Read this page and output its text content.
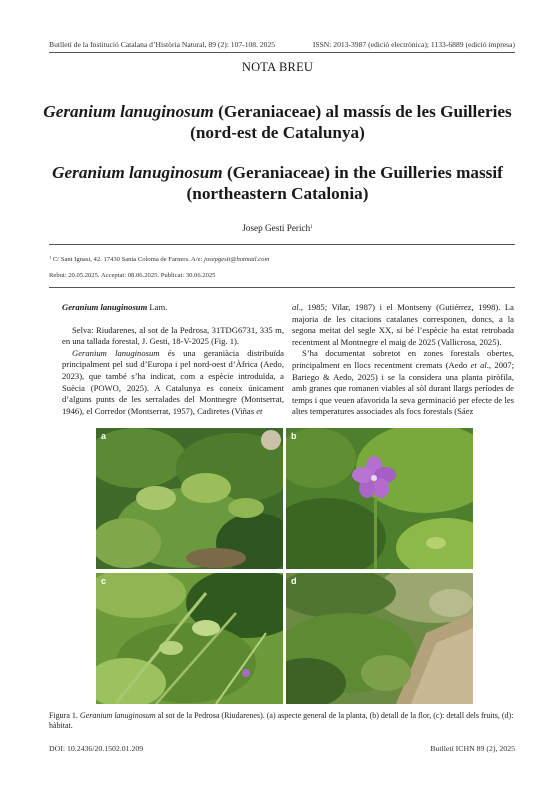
Butlletí de la Institució Catalana d’Història Natural, 89 (2): 107-108. 2025	ISSN: 2013-3987 (edició electrònica); 1133-6889 (edició impresa)
NOTA BREU
Geranium lanuginosum (Geraniaceae) al massís de les Guilleries
(nord-est de Catalunya)
Geranium lanuginosum (Geraniaceae) in the Guilleries massif
(northeastern Catalonia)
Josep Gesti Perich$^1$
$^1$ C/ Sant Ignasi, 42. 17430 Santa Coloma de Farners. A/e: josepgesti@hotmail.com
Rebut: 20.05.2025. Acceptat: 08.06.2025. Publicat: 30.06.2025

Geranium lanuginosum Lam.

Selva: Riudarenes, al sot de la Pedrosa, 31TDG6731, 335 m, en una tallada forestal, J. Gesti, 18-V-2025 (Fig. 1).

Geranium lanuginosum és una geraniàcia distribuïda principalment pel sud d’Europa i pel nord-oest d’Àfrica (Aedo, 2023), que també s’ha indicat, com a espècie introduïda, a Suècia (POWO, 2025). A Catalunya es coneix únicament d’alguns punts de les serralades del Montnegre (Montserrat, 1946), el Corredor (Montserrat, 1957), Cadiretes (Viñas et

al., 1985; Vilar, 1987) i el Montseny (Gutiérrez, 1998). La majoria de les citacions catalanes corresponen, doncs, a la segona meitat del segle XX, si bé l’espècie ha estat retrobada recentment al Montnegre el maig de 2025 (Vallicrosa, 2025).

S’ha documentat sobretot en zones forestals obertes, principalment en llocs recentment cremats (Aedo et al., 2007; Bariego & Aedo, 2025) i se la considera una planta piròfila, amb granes que romanen viables al sòl durant llargs períodes de temps i que veuen afavorida la seva germinació per efecte de les altes temperatures associades als focs forestals (Sáez

a	b
c	d
Figura 1. Geranium lanuginosum al sot de la Pedrosa (Riudarenes). (a) aspecte general de la planta, (b) detall de la flor, (c): detall dels fruits, (d): hàbitat.
DOI: 10.2436/20.1502.01.209	Butlletí ICHN 89 (2), 2025
